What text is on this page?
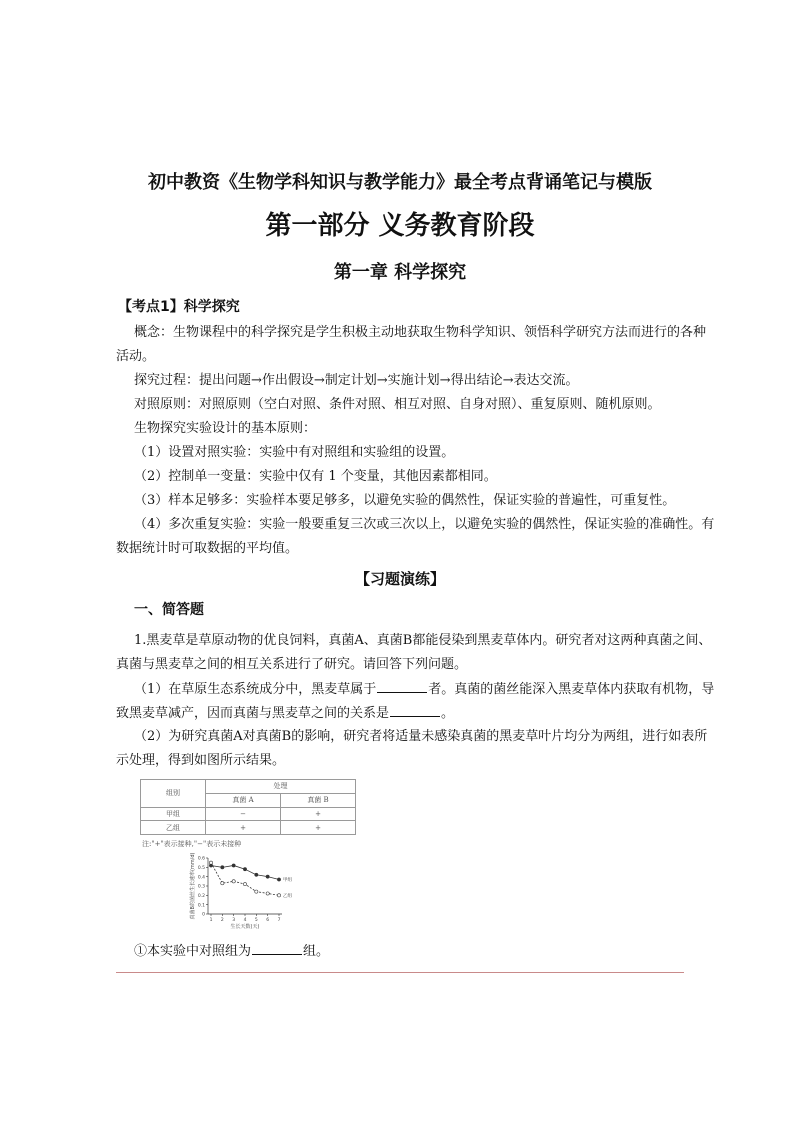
初中教资《生物学科知识与教学能力》最全考点背诵笔记与模版
第一部分 义务教育阶段
第一章 科学探究
【考点1】科学探究
概念：生物课程中的科学探究是学生积极主动地获取生物科学知识、领悟科学研究方法而进行的各种
活动。
探究过程：提出问题→作出假设→制定计划→实施计划→得出结论→表达交流。
对照原则：对照原则（空白对照、条件对照、相互对照、自身对照）、重复原则、随机原则。
生物探究实验设计的基本原则：
（1）设置对照实验：实验中有对照组和实验组的设置。
（2）控制单一变量：实验中仅有 1 个变量，其他因素都相同。
（3）样本足够多：实验样本要足够多，以避免实验的偶然性，保证实验的普遍性，可重复性。
（4）多次重复实验：实验一般要重复三次或三次以上，以避免实验的偶然性，保证实验的准确性。有
数据统计时可取数据的平均值。
【习题演练】
一、简答题
1.黑麦草是草原动物的优良饲料，真菌A、真菌B都能侵染到黑麦草体内。研究者对这两种真菌之间、
真菌与黑麦草之间的相互关系进行了研究。请回答下列问题。
（1）在草原生态系统成分中，黑麦草属于	者。真菌的菌丝能深入黑麦草体内获取有机物，导
致黑麦草减产，因而真菌与黑麦草之间的关系是	。
（2）为研究真菌A对真菌B的影响，研究者将适量未感染真菌的黑麦草叶片均分为两组，进行如表所
示处理，得到如图所示结果。
组别	处理	
	真菌 A	真菌 B
甲组	−	+
乙组	+	+
注:"+"表示接种,"−"表示未接种
真菌B的菌丝生长速率(mm/d)
生长天数(天)
0
0.1
0.2
0.3
0.4
0.5
0.6
1 2 3 4 5 6 7
甲组
乙组
①本实验中对照组为	组。
